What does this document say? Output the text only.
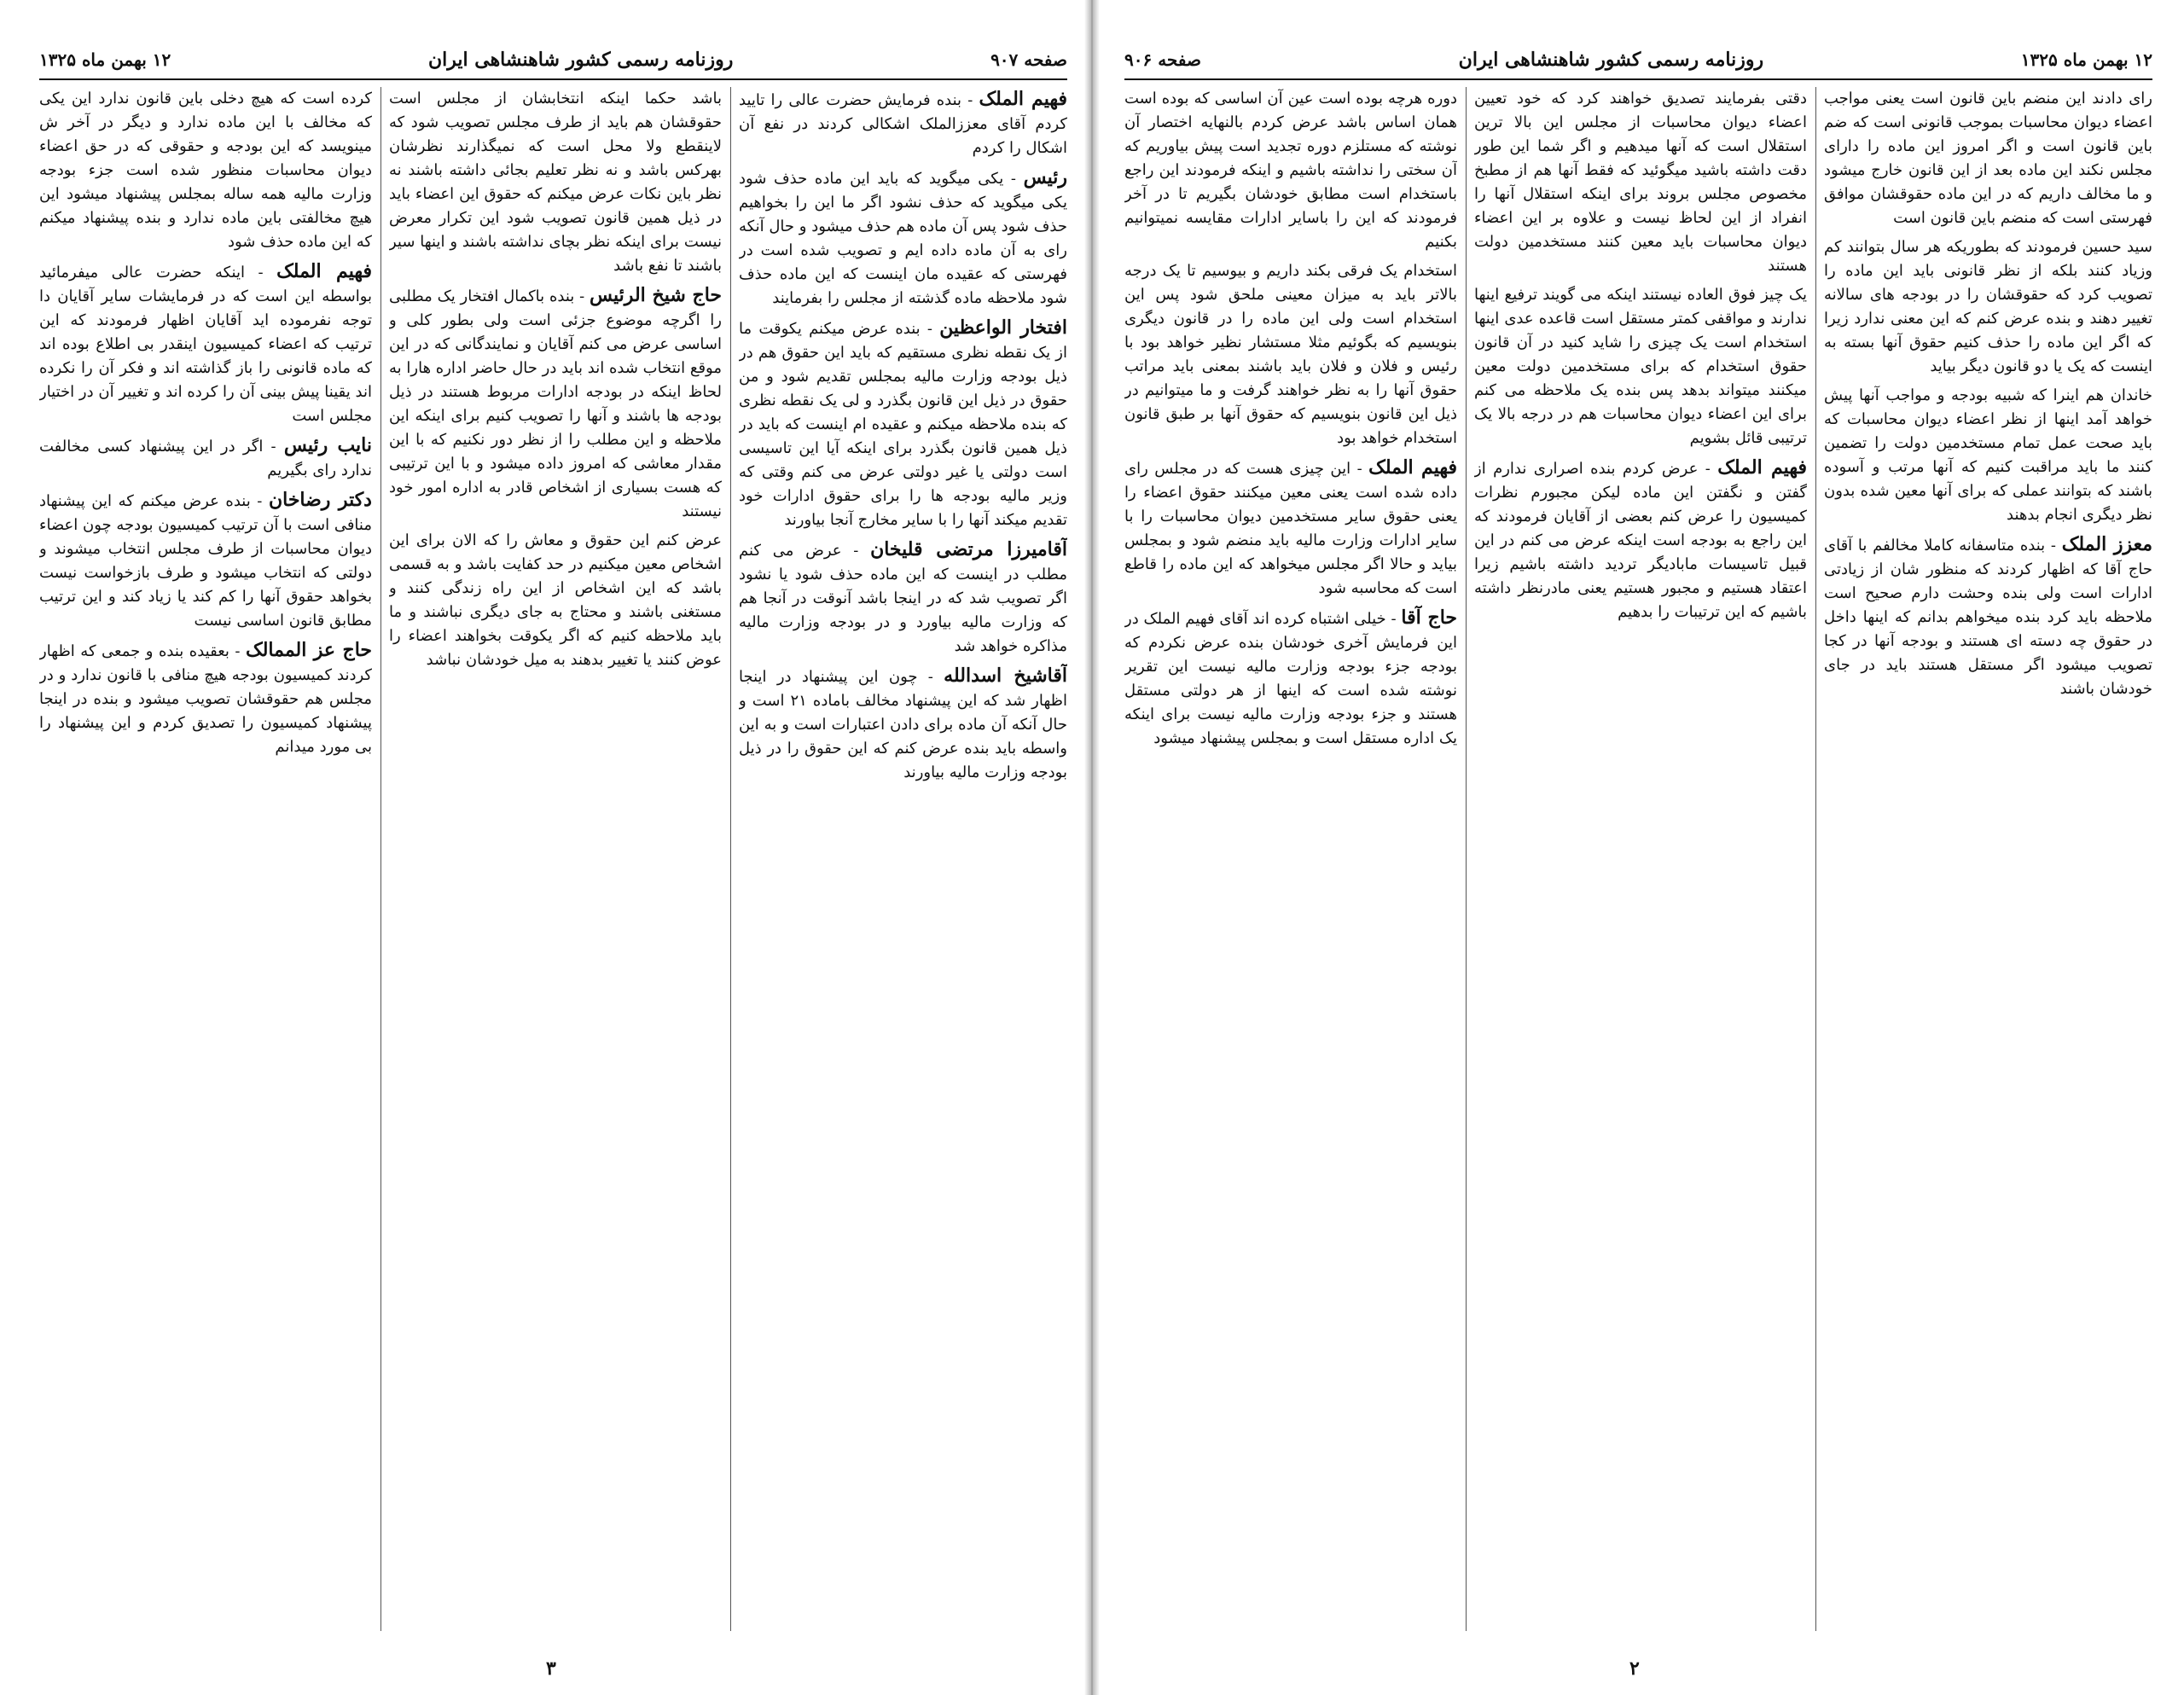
صفحه ۹۰۷
روزنامه رسمی کشور شاهنشاهی ایران
۱۲ بهمن ماه ۱۳۲۵

فهیم الملک - بنده فرمایش حضرت عالی را تایید کردم آقای معززالملک اشکالی کردند در نفع آن اشکال را کردم

رئیس - یکی میگوید که باید این ماده حذف شود یکی میگوید که حذف نشود اگر ما این را بخواهیم حذف شود پس آن ماده هم حذف میشود و حال آنکه رای به آن ماده داده ایم و تصویب شده است در فهرستی که عقیده مان اینست که این ماده حذف شود ملاحظه ماده گذشته از مجلس را بفرمایند

افتخار الواعظین - بنده عرض میکنم یکوقت ما از یک نقطه نظری مستقیم که باید این حقوق هم در ذیل بودجه وزارت مالیه بمجلس تقدیم شود و من حقوق در ذیل این قانون بگذرد و لی یک نقطه نظری که بنده ملاحظه میکنم و عقیده ام اینست که باید در ذیل همین قانون بگذرد برای اینکه آیا این تاسیسی است دولتی یا غیر دولتی عرض می کنم وقتی که وزیر مالیه بودجه ها را برای حقوق ادارات خود تقدیم میکند آنها را با سایر مخارج آنجا بیاورند

آقامیرزا مرتضی قلیخان - عرض می کنم مطلب در اینست که این ماده حذف شود یا نشود اگر تصویب شد که در اینجا باشد آنوقت در آنجا هم که وزارت مالیه بیاورد و در بودجه وزارت مالیه مذاکره خواهد شد

آقاشیخ اسدالله - چون این پیشنهاد در اینجا اظهار شد که این پیشنهاد مخالف باماده ۲۱ است و حال آنکه آن ماده برای دادن اعتبارات است و به این واسطه باید بنده عرض کنم که این حقوق را در ذیل بودجه وزارت مالیه بیاورند

باشد حکما اینکه انتخابشان از مجلس است حقوقشان هم باید از طرف مجلس تصویب شود که لاینقطع ولا محل است که نمیگذارند نظرشان بهرکس باشد و نه نظر تعلیم بجائی داشته باشند نه نظر باین نکات عرض میکنم که حقوق این اعضاء باید در ذیل همین قانون تصویب شود این تکرار معرض نیست برای اینکه نظر بچای نداشته باشند و اینها سیر باشند تا نفع باشد

حاج شیخ الرئیس - بنده باکمال افتخار یک مطلبی را اگرچه موضوع جزئی است ولی بطور کلی و اساسی عرض می کنم آقایان و نمایندگانی که در این موقع انتخاب شده اند باید در حال حاضر اداره هارا به لحاظ اینکه در بودجه ادارات مربوط هستند در ذیل بودجه ها باشند و آنها را تصویب کنیم برای اینکه این ملاحظه و این مطلب را از نظر دور نکنیم که با این مقدار معاشی که امروز داده میشود و با این ترتیبی که هست بسیاری از اشخاص قادر به اداره امور خود نیستند

عرض کنم این حقوق و معاش را که الان برای این اشخاص معین میکنیم در حد کفایت باشد و به قسمی باشد که این اشخاص از این راه زندگی کنند و مستغنی باشند و محتاج به جای دیگری نباشند و ما باید ملاحظه کنیم که اگر یکوقت بخواهند اعضاء را عوض کنند یا تغییر بدهند به میل خودشان نباشد

کرده است که هیچ دخلی باین قانون ندارد این یکی که مخالف با این ماده ندارد و دیگر در آخر ش مینویسد که این بودجه و حقوقی که در حق اعضاء دیوان محاسبات منظور شده است جزء بودجه وزارت مالیه همه ساله بمجلس پیشنهاد میشود این هیچ مخالفتی باین ماده ندارد و بنده پیشنهاد میکنم که این ماده حذف شود

فهیم الملک - اینکه حضرت عالی میفرمائید بواسطه این است که در فرمایشات سایر آقایان دا توجه نفرموده اید آقایان اظهار فرمودند که این ترتیب که اعضاء کمیسیون اینقدر بی اطلاع بوده اند که ماده قانونی را باز گذاشته اند و فکر آن را نکرده اند یقینا پیش بینی آن را کرده اند و تغییر آن در اختیار مجلس است

نایب رئیس - اگر در این پیشنهاد کسی مخالفت ندارد رای بگیریم

دکتر رضاخان - بنده عرض میکنم که این پیشنهاد منافی است با آن ترتیب کمیسیون بودجه چون اعضاء دیوان محاسبات از طرف مجلس انتخاب میشوند و دولتی که انتخاب میشود و طرف بازخواست نیست بخواهد حقوق آنها را کم کند یا زیاد کند و این ترتیب مطابق قانون اساسی نیست

حاج عز الممالک - بعقیده بنده و جمعی که اظهار کردند کمیسیون بودجه هیچ منافی با قانون ندارد و در مجلس هم حقوقشان تصویب میشود و بنده در اینجا پیشنهاد کمیسیون را تصدیق کردم و این پیشنهاد را بی مورد میدانم

۳
۱۲ بهمن ماه ۱۳۲۵
روزنامه رسمی کشور شاهنشاهی ایران
صفحه ۹۰۶

دوره هرچه بوده است عین آن اساسی که بوده است همان اساس باشد عرض کردم بالنهایه اختصار آن نوشته که مستلزم دوره تجدید است پیش بیاوریم که آن سختی را نداشته باشیم و اینکه فرمودند این راجع باستخدام است مطابق خودشان بگیریم تا در آخر فرمودند که این را باسایر ادارات مقایسه نمیتوانیم بکنیم

استخدام یک فرقی بکند داریم و بیوسیم تا یک درجه بالاتر باید به میزان معینی ملحق شود پس این استخدام است ولی این ماده را در قانون دیگری بنویسیم که بگوئیم مثلا مستشار نظیر خواهد بود با رئیس و فلان و فلان باید باشند بمعنی باید مراتب حقوق آنها را به نظر خواهند گرفت و ما میتوانیم در ذیل این قانون بنویسیم که حقوق آنها بر طبق قانون استخدام خواهد بود

فهیم الملک - این چیزی هست که در مجلس رای داده شده است یعنی معین میکنند حقوق اعضاء را یعنی حقوق سایر مستخدمین دیوان محاسبات را با سایر ادارات وزارت مالیه باید منضم شود و بمجلس بیاید و حالا اگر مجلس میخواهد که این ماده را قاطع است که محاسبه شود

حاج آقا - خیلی اشتباه کرده اند آقای فهیم الملک در این فرمایش آخری خودشان بنده عرض نکردم که بودجه جزء بودجه وزارت مالیه نیست این تقریر نوشته شده است که اینها از هر دولتی مستقل هستند و جزء بودجه وزارت مالیه نیست برای اینکه یک اداره مستقل است و بمجلس پیشنهاد میشود

دقتی بفرمایند تصدیق خواهند کرد که خود تعیین اعضاء دیوان محاسبات از مجلس این بالا ترین استقلال است که آنها میدهیم و اگر شما این طور دقت داشته باشید میگوئید که فقط آنها هم از مطبخ مخصوص مجلس بروند برای اینکه استقلال آنها را انفراد از این لحاظ نیست و علاوه بر این اعضاء دیوان محاسبات باید معین کنند مستخدمین دولت هستند

یک چیز فوق العاده نیستند اینکه می گویند ترفیع اینها ندارند و مواقفی کمتر مستقل است قاعده عدی اینها استخدام است یک چیزی را شاید کنید در آن قانون حقوق استخدام که برای مستخدمین دولت معین میکنند میتواند بدهد پس بنده یک ملاحظه می کنم برای این اعضاء دیوان محاسبات هم در درجه بالا یک ترتیبی قائل بشویم

فهیم الملک - عرض کردم بنده اصراری ندارم از گفتن و نگفتن این ماده لیکن مجبورم نظرات کمیسیون را عرض کنم بعضی از آقایان فرمودند که این راجع به بودجه است اینکه عرض می کنم در این قبیل تاسیسات مابادیگر تردید داشته باشیم زیرا اعتقاد هستیم و مجبور هستیم یعنی مادرنظر داشته باشیم که این ترتیبات را بدهیم

رای دادند این منضم باین قانون است یعنی مواجب اعضاء دیوان محاسبات بموجب قانونی است که ضم باین قانون است و اگر امروز این ماده را دارای مجلس نکند این ماده بعد از این قانون خارج میشود و ما مخالف داریم که در این ماده حقوقشان موافق فهرستی است که منضم باین قانون است

سید حسین فرمودند که بطوریکه هر سال بتوانند کم وزیاد کنند بلکه از نظر قانونی باید این ماده را تصویب کرد که حقوقشان را در بودجه های سالانه تغییر دهند و بنده عرض کنم که این معنی ندارد زیرا که اگر این ماده را حذف کنیم حقوق آنها بسته به اینست که یک یا دو قانون دیگر بیاید

خاندان هم اینرا که شبیه بودجه و مواجب آنها پیش خواهد آمد اینها از نظر اعضاء دیوان محاسبات که باید صحت عمل تمام مستخدمین دولت را تضمین کنند ما باید مراقبت کنیم که آنها مرتب و آسوده باشند که بتوانند عملی که برای آنها معین شده بدون نظر دیگری انجام بدهند

معزز الملک - بنده متاسفانه کاملا مخالفم با آقای حاج آقا که اظهار کردند که منظور شان از زیادتی ادارات است ولی بنده وحشت دارم صحیح است ملاحظه باید کرد بنده میخواهم بدانم که اینها داخل در حقوق چه دسته ای هستند و بودجه آنها در کجا تصویب میشود اگر مستقل هستند باید در جای خودشان باشند

۲
